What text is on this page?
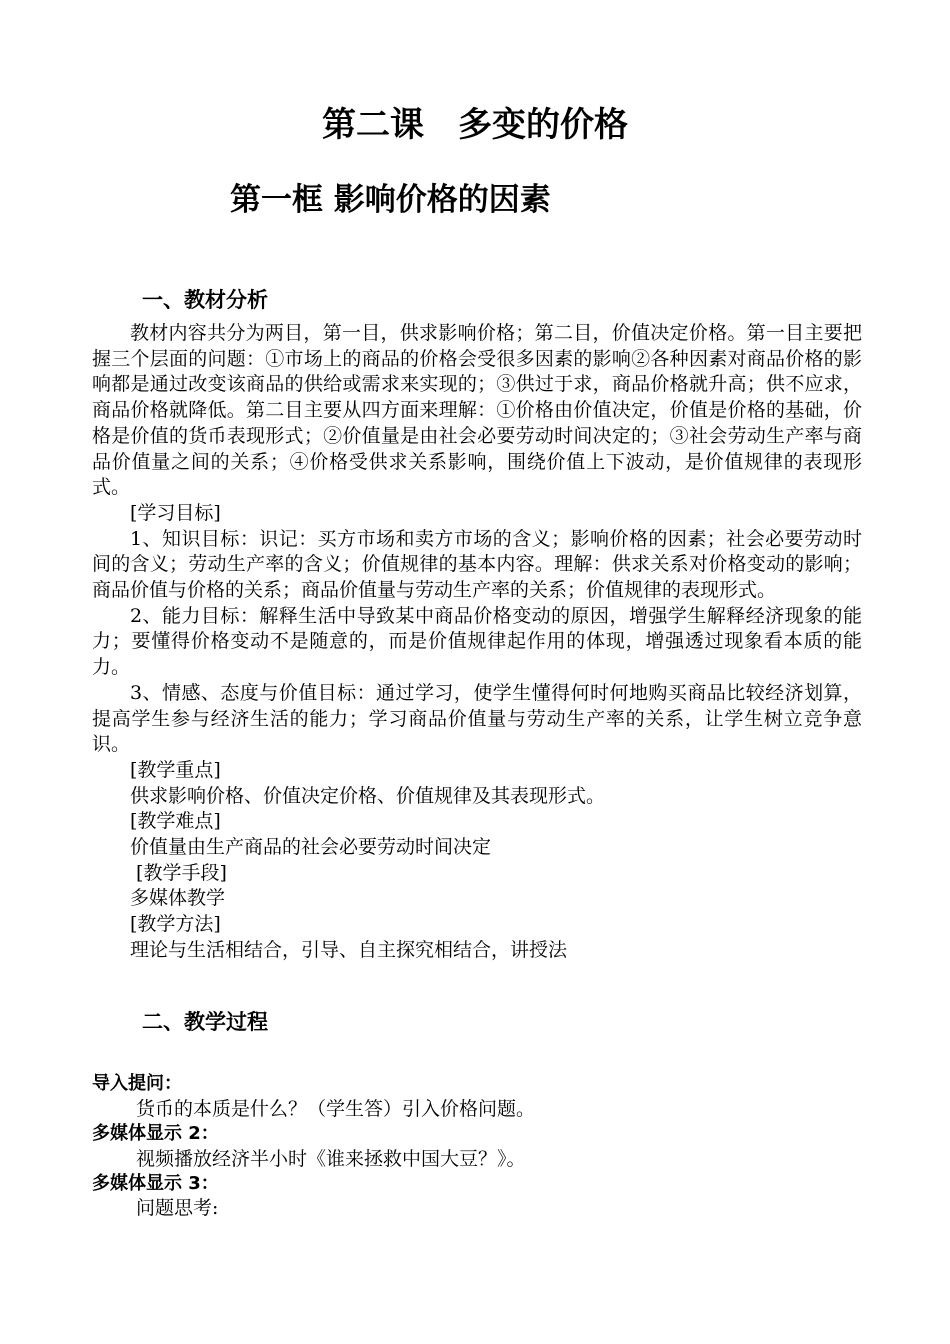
第二课　多变的价格
第一框 影响价格的因素
一、教材分析

教材内容共分为两目，第一目，供求影响价格；第二目，价值决定价格。第一目主要把握三个层面的问题：①市场上的商品的价格会受很多因素的影响②各种因素对商品价格的影响都是通过改变该商品的供给或需求来实现的；③供过于求，商品价格就升高；供不应求，商品价格就降低。第二目主要从四方面来理解：①价格由价值决定，价值是价格的基础，价格是价值的货币表现形式；②价值量是由社会必要劳动时间决定的；③社会劳动生产率与商品价值量之间的关系；④价格受供求关系影响，围绕价值上下波动，是价值规律的表现形式。

[学习目标]

1、知识目标：识记：买方市场和卖方市场的含义；影响价格的因素；社会必要劳动时间的含义；劳动生产率的含义；价值规律的基本内容。理解：供求关系对价格变动的影响；商品价值与价格的关系；商品价值量与劳动生产率的关系；价值规律的表现形式。

2、能力目标：解释生活中导致某中商品价格变动的原因，增强学生解释经济现象的能力；要懂得价格变动不是随意的，而是价值规律起作用的体现，增强透过现象看本质的能力。

3、情感、态度与价值目标：通过学习，使学生懂得何时何地购买商品比较经济划算，提高学生参与经济生活的能力；学习商品价值量与劳动生产率的关系，让学生树立竞争意识。

[教学重点]

供求影响价格、价值决定价格、价值规律及其表现形式。

[教学难点]

价值量由生产商品的社会必要劳动时间决定

[教学手段]

多媒体教学

[教学方法]

理论与生活相结合，引导、自主探究相结合，讲授法

二、教学过程

导入提问：

货币的本质是什么？（学生答）引入价格问题。

多媒体显示 2：

视频播放经济半小时《谁来拯救中国大豆？》。

多媒体显示 3：

问题思考:
